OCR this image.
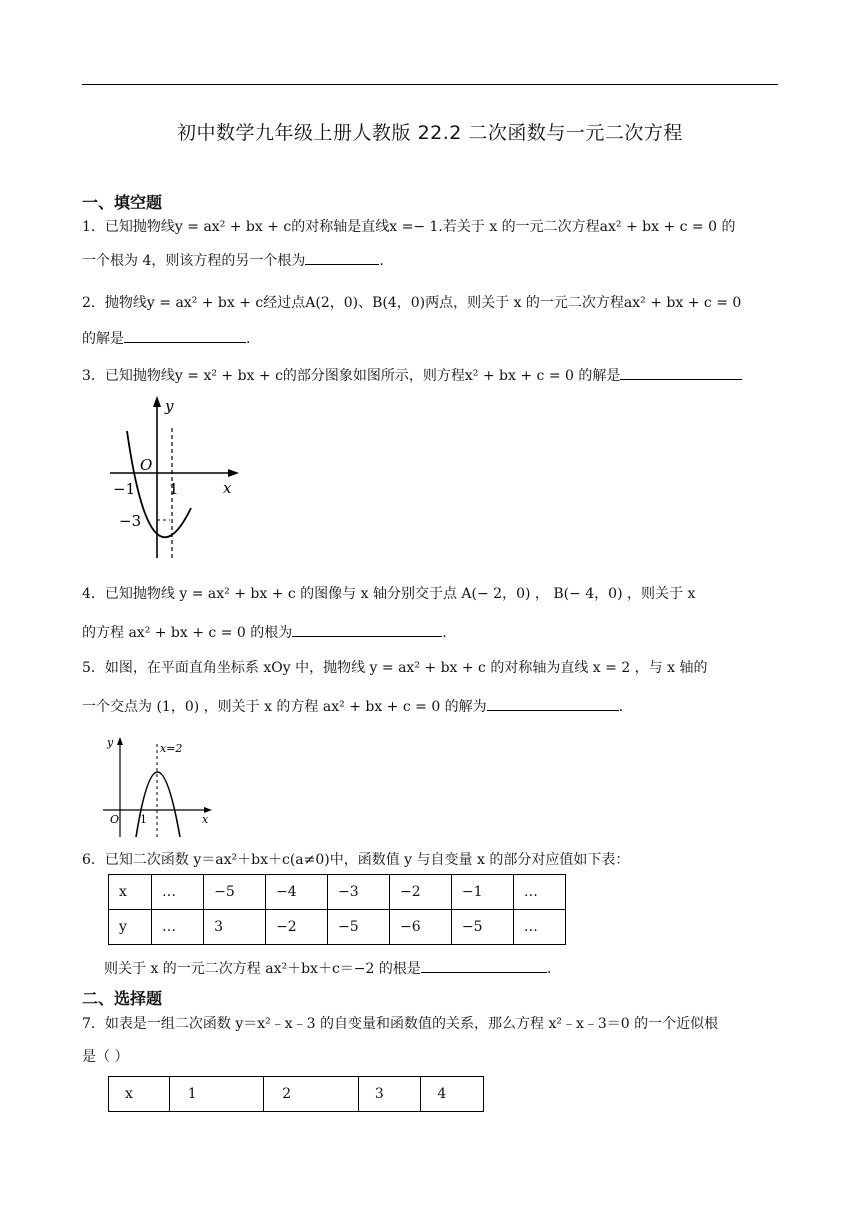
初中数学九年级上册人教版 22.2 二次函数与一元二次方程
一、填空题
1．已知抛物线y = ax² + bx + c的对称轴是直线x =− 1.若关于 x 的一元二次方程ax² + bx + c = 0 的
一个根为 4，则该方程的另一个根为	.
2．抛物线y = ax² + bx + c经过点A(2，0)、B(4，0)两点，则关于 x 的一元二次方程ax² + bx + c = 0
的解是	.
3．已知抛物线y = x² + bx + c的部分图象如图所示，则方程x² + bx + c = 0 的解是
y
x
O
−1 1
−3
4．已知抛物线 y = ax² + bx + c 的图像与 x 轴分别交于点 A(− 2，0) ， B(− 4，0) ，则关于 x
的方程 ax² + bx + c = 0 的根为	.
5．如图，在平面直角坐标系 xOy 中，抛物线 y = ax² + bx + c 的对称轴为直线 x = 2 ，与 x 轴的
一个交点为 (1，0) ，则关于 x 的方程 ax² + bx + c = 0 的解为	.
y
x
O 1
x=2
6．已知二次函数 y＝ax²＋bx＋c(a≠0)中，函数值 y 与自变量 x 的部分对应值如下表：
x	…	−5	−4	−3	−2	−1	…
y	…	3	−2	−5	−6	−5	…
则关于 x 的一元二次方程 ax²＋bx＋c＝−2 的根是	.
二、选择题
7．如表是一组二次函数 y＝x²﹣x﹣3 的自变量和函数值的关系，那么方程 x²﹣x﹣3＝0 的一个近似根
是（ ）
x	1	2	3	4
